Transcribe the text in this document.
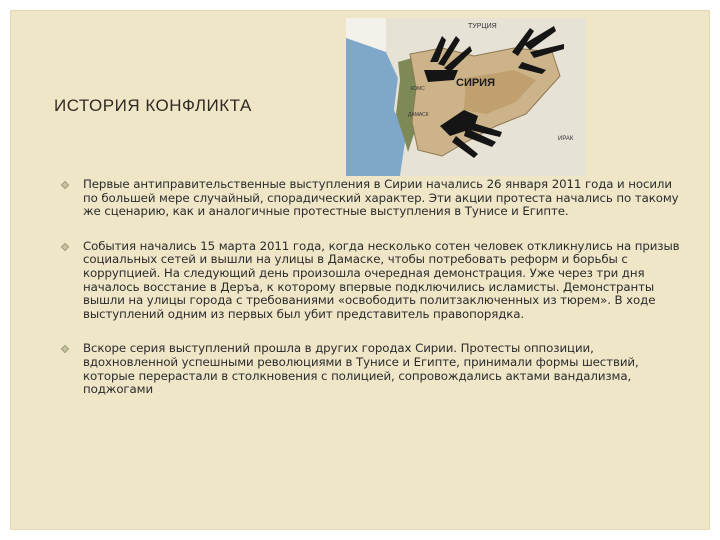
ТУРЦИЯ
СИРИЯ
ХОМС
ДАМАСК
ИРАК
ИСТОРИЯ КОНФЛИКТА
Первые антиправительственные выступления в Сирии начались 26 января 2011 года и носили по большей мере случайный, спорадический характер. Эти акции протеста начались по такому же сценарию, как и аналогичные протестные выступления в Тунисе и Египте.
События начались 15 марта 2011 года, когда несколько сотен человек откликнулись на призыв социальных сетей и вышли на улицы в Дамаске, чтобы потребовать реформ и борьбы с коррупцией. На следующий день произошла очередная демонстрация. Уже через три дня началось восстание в Деръа, к которому впервые подключились исламисты. Демонстранты вышли на улицы города с требованиями «освободить политзаключенных из тюрем». В ходе выступлений одним из первых был убит представитель правопорядка.
Вскоре серия выступлений прошла в других городах Сирии. Протесты оппозиции, вдохновленной успешными революциями в Тунисе и Египте, принимали формы шествий, которые перерастали в столкновения с полицией, сопровождались актами вандализма, поджогами
